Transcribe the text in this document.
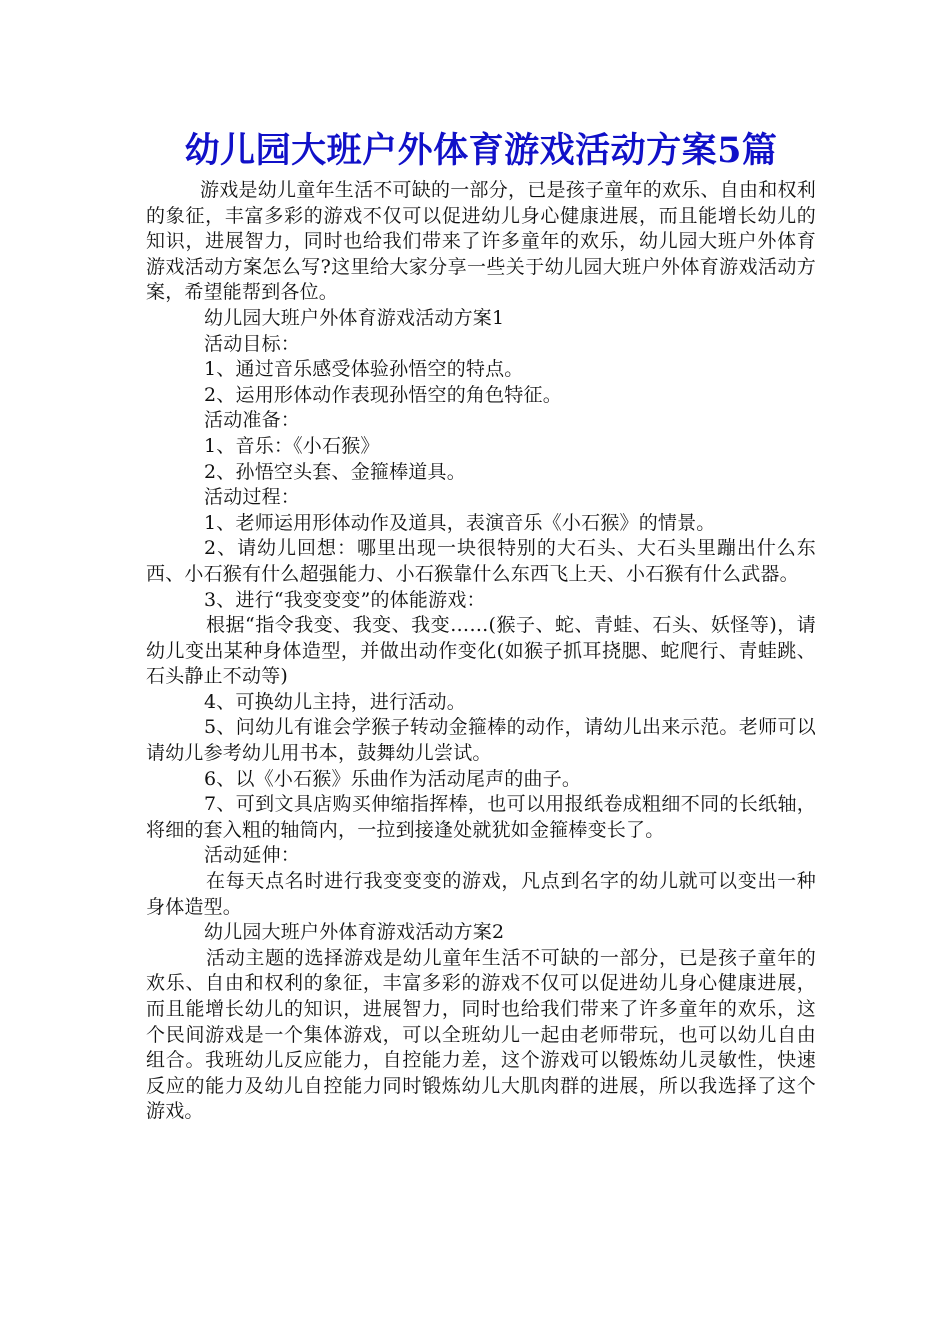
幼儿园大班户外体育游戏活动方案5篇

游戏是幼儿童年生活不可缺的一部分，已是孩子童年的欢乐、自由和权利的象征，丰富多彩的游戏不仅可以促进幼儿身心健康进展，而且能增长幼儿的知识，进展智力，同时也给我们带来了许多童年的欢乐，幼儿园大班户外体育游戏活动方案怎么写?这里给大家分享一些关于幼儿园大班户外体育游戏活动方案，希望能帮到各位。

幼儿园大班户外体育游戏活动方案1

活动目标：

1、通过音乐感受体验孙悟空的特点。

2、运用形体动作表现孙悟空的角色特征。

活动准备：

1、音乐：《小石猴》

2、孙悟空头套、金箍棒道具。

活动过程：

1、老师运用形体动作及道具，表演音乐《小石猴》的情景。

2、请幼儿回想：哪里出现一块很特别的大石头、大石头里蹦出什么东西、小石猴有什么超强能力、小石猴靠什么东西飞上天、小石猴有什么武器。

3、进行“我变变变”的体能游戏：

根据“指令我变、我变、我变……(猴子、蛇、青蛙、石头、妖怪等)，请幼儿变出某种身体造型，并做出动作变化(如猴子抓耳挠腮、蛇爬行、青蛙跳、石头静止不动等)

4、可换幼儿主持，进行活动。

5、问幼儿有谁会学猴子转动金箍棒的动作，请幼儿出来示范。老师可以请幼儿参考幼儿用书本，鼓舞幼儿尝试。

6、以《小石猴》乐曲作为活动尾声的曲子。

7、可到文具店购买伸缩指挥棒，也可以用报纸卷成粗细不同的长纸轴，将细的套入粗的轴筒内，一拉到接逢处就犹如金箍棒变长了。

活动延伸：

在每天点名时进行我变变变的游戏，凡点到名字的幼儿就可以变出一种身体造型。

幼儿园大班户外体育游戏活动方案2

活动主题的选择游戏是幼儿童年生活不可缺的一部分，已是孩子童年的欢乐、自由和权利的象征，丰富多彩的游戏不仅可以促进幼儿身心健康进展，而且能增长幼儿的知识，进展智力，同时也给我们带来了许多童年的欢乐，这个民间游戏是一个集体游戏，可以全班幼儿一起由老师带玩，也可以幼儿自由组合。我班幼儿反应能力，自控能力差，这个游戏可以锻炼幼儿灵敏性，快速反应的能力及幼儿自控能力同时锻炼幼儿大肌肉群的进展，所以我选择了这个游戏。
